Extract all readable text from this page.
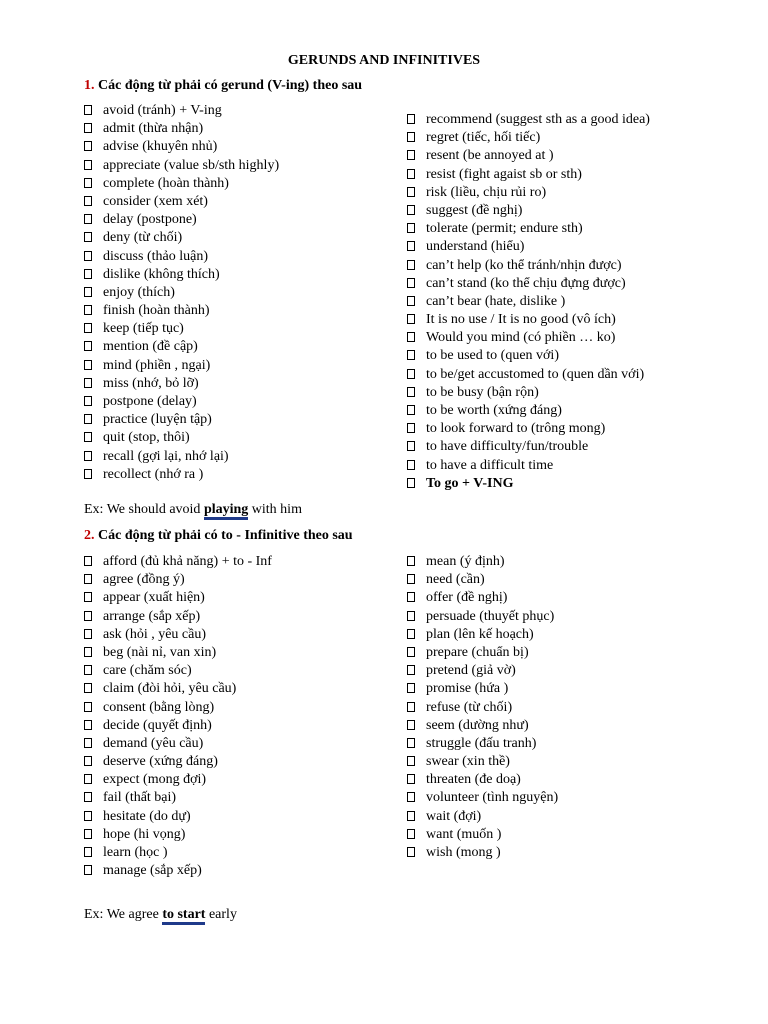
GERUNDS AND INFINITIVES
1. Các động từ phải có gerund (V-ing) theo sau
avoid (tránh) + V-ing
admit (thừa nhận)
advise (khuyên nhủ)
appreciate (value sb/sth highly)
complete (hoàn thành)
consider (xem xét)
delay (postpone)
deny (từ chối)
discuss (thảo luận)
dislike (không thích)
enjoy (thích)
finish (hoàn thành)
keep (tiếp tục)
mention (đề cập)
mind (phiền , ngại)
miss (nhớ, bỏ lỡ)
postpone (delay)
practice (luyện tập)
quit (stop, thôi)
recall (gợi lại, nhớ lại)
recollect (nhớ ra )
recommend (suggest sth as a good idea)
regret (tiếc, hối tiếc)
resent (be annoyed at )
resist (fight agaist sb or sth)
risk (liều, chịu rủi ro)
suggest (đề nghị)
tolerate (permit; endure sth)
understand (hiểu)
can’t help (ko thể tránh/nhịn được)
can’t stand (ko thể chịu đựng được)
can’t bear (hate, dislike )
It is no use / It is no good (vô ích)
Would you mind (có phiền … ko)
to be used to (quen với)
to be/get accustomed to (quen dần với)
to be busy (bận rộn)
to be worth (xứng đáng)
to look forward to (trông mong)
to have difficulty/fun/trouble
to have a difficult time
To go + V-ING
Ex: We should avoid playing with him
2. Các động từ phải có to - Infinitive theo sau
afford (đủ khả năng) + to - Inf
agree (đồng ý)
appear (xuất hiện)
arrange (sắp xếp)
ask (hỏi , yêu cầu)
beg (nài nỉ, van xin)
care (chăm sóc)
claim (đòi hỏi, yêu cầu)
consent (bằng lòng)
decide (quyết định)
demand (yêu cầu)
deserve (xứng đáng)
expect (mong đợi)
fail (thất bại)
hesitate (do dự)
hope (hi vọng)
learn (học )
manage (sắp xếp)
mean (ý định)
need (cần)
offer (đề nghị)
persuade (thuyết phục)
plan (lên kế hoạch)
prepare (chuẩn bị)
pretend (giả vờ)
promise (hứa )
refuse (từ chối)
seem (dường như)
struggle (đấu tranh)
swear (xin thề)
threaten (đe doạ)
volunteer (tình nguyện)
wait (đợi)
want (muốn )
wish (mong )
Ex: We agree to start early
